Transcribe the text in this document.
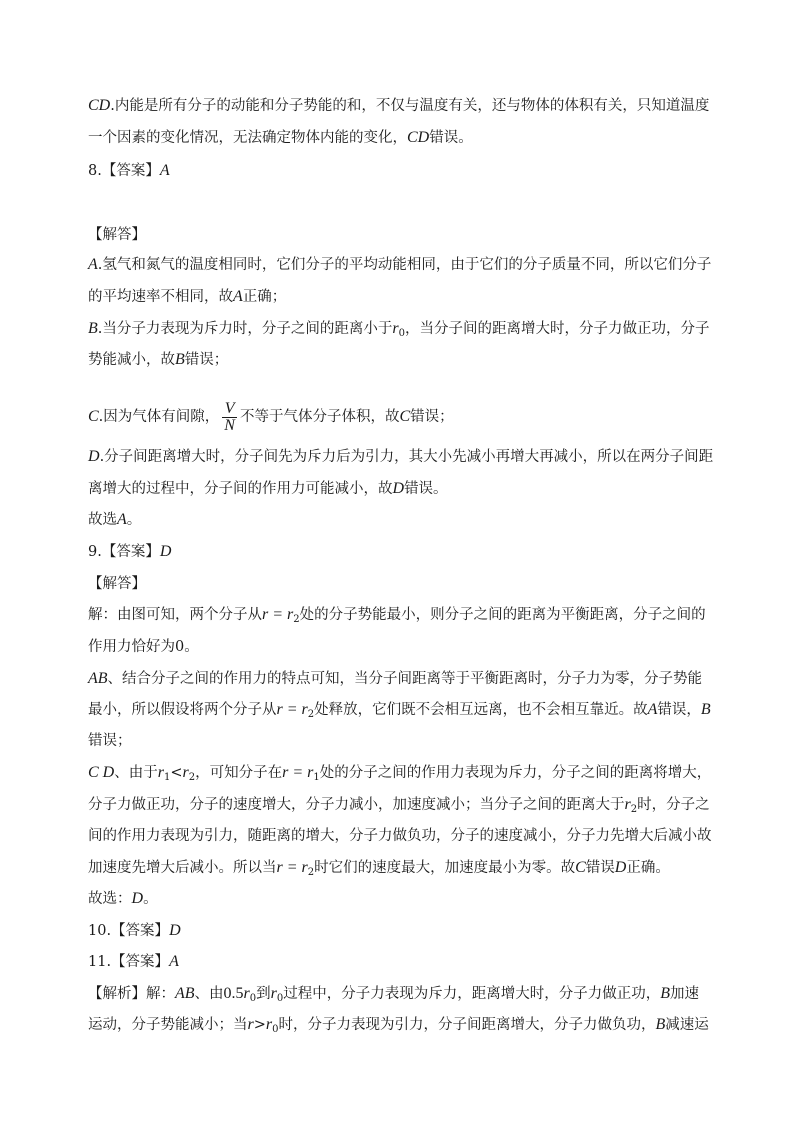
CD.内能是所有分子的动能和分子势能的和，不仅与温度有关，还与物体的体积有关，只知道温度
一个因素的变化情况，无法确定物体内能的变化，CD错误。
8.【答案】A
【解答】
A.氢气和氮气的温度相同时，它们分子的平均动能相同，由于它们的分子质量不同，所以它们分子
的平均速率不相同，故A正确；
B.当分子力表现为斥力时，分子之间的距离小于$r_0$，当分子间的距离增大时，分子力做正功，分子
势能减小，故B错误；
C.因为气体有间隙， $\frac{V}{N}$ 不等于气体分子体积，故C错误；
D.分子间距离增大时，分子间先为斥力后为引力，其大小先减小再增大再减小，所以在两分子间距
离增大的过程中，分子间的作用力可能减小，故D错误。
故选A。
9.【答案】D
【解答】
解：由图可知，两个分子从$r = r_2$处的分子势能最小，则分子之间的距离为平衡距离，分子之间的
作用力恰好为0。
AB、结合分子之间的作用力的特点可知，当分子间距离等于平衡距离时，分子力为零，分子势能
最小，所以假设将两个分子从$r = r_2$处释放，它们既不会相互远离，也不会相互靠近。故A错误，B
错误；
C D、由于$r_1<r_2$，可知分子在$r = r_1$处的分子之间的作用力表现为斥力，分子之间的距离将增大，
分子力做正功，分子的速度增大，分子力减小，加速度减小；当分子之间的距离大于$r_2$时，分子之
间的作用力表现为引力，随距离的增大，分子力做负功，分子的速度减小，分子力先增大后减小故
加速度先增大后减小。所以当$r = r_2$时它们的速度最大，加速度最小为零。故C错误D正确。
故选：D。
10.【答案】D
11.【答案】A
【解析】解：AB、由$0.5r_0$到$r_0$过程中，分子力表现为斥力，距离增大时，分子力做正功，B加速
运动，分子势能减小；当$r>r_0$时，分子力表现为引力，分子间距离增大，分子力做负功，B减速运
